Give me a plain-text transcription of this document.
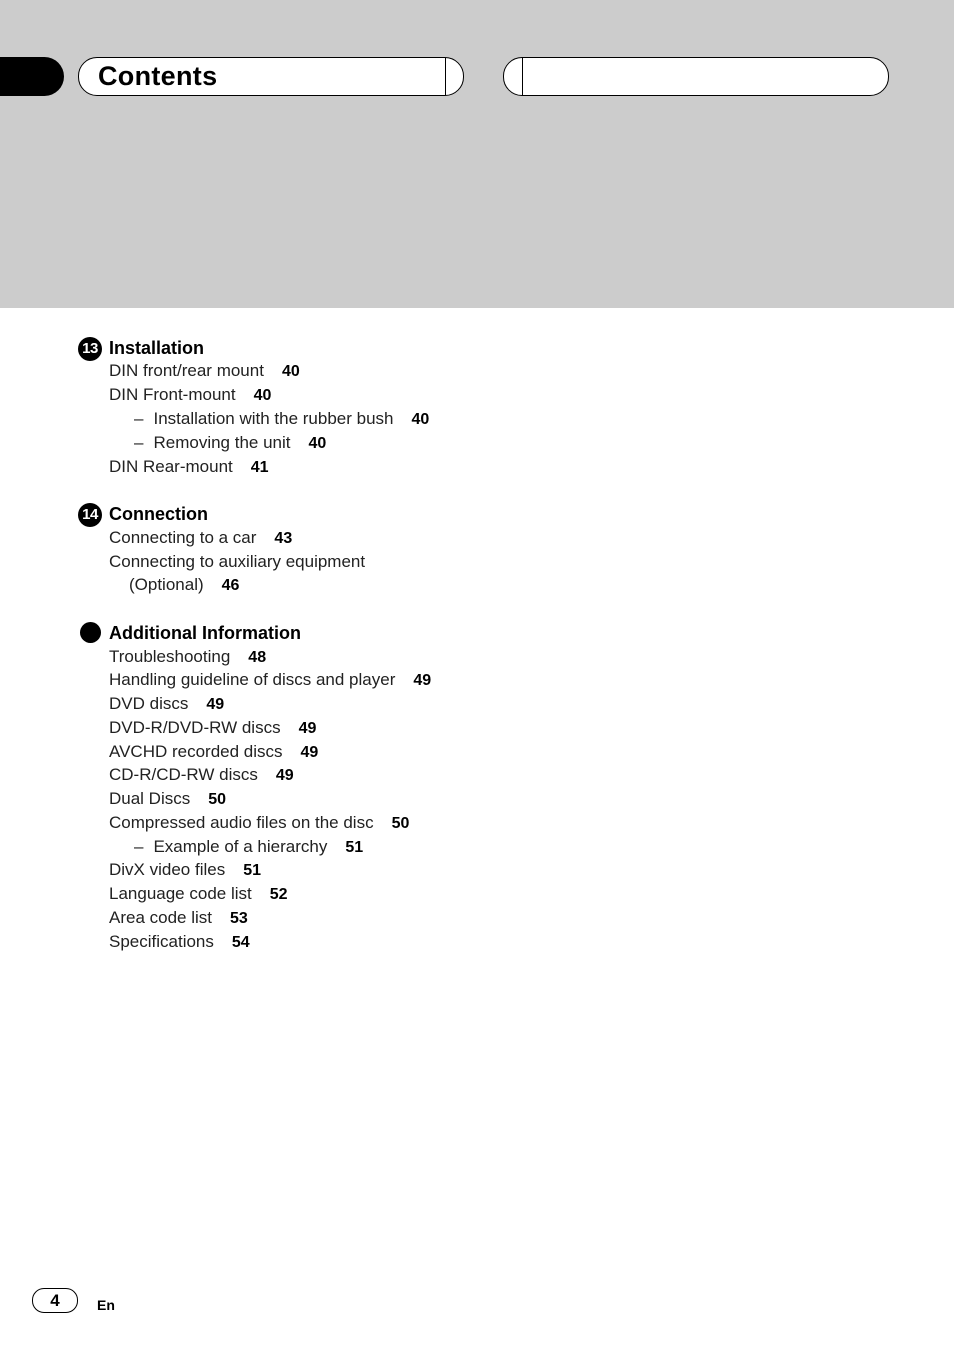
Contents
13 Installation
DIN front/rear mount 40
DIN Front-mount 40
– Installation with the rubber bush 40
– Removing the unit 40
DIN Rear-mount 41
14 Connection
Connecting to a car 43
Connecting to auxiliary equipment
(Optional) 46
Additional Information
Troubleshooting 48
Handling guideline of discs and player 49
DVD discs 49
DVD-R/DVD-RW discs 49
AVCHD recorded discs 49
CD-R/CD-RW discs 49
Dual Discs 50
Compressed audio files on the disc 50
– Example of a hierarchy 51
DivX video files 51
Language code list 52
Area code list 53
Specifications 54
4	En
